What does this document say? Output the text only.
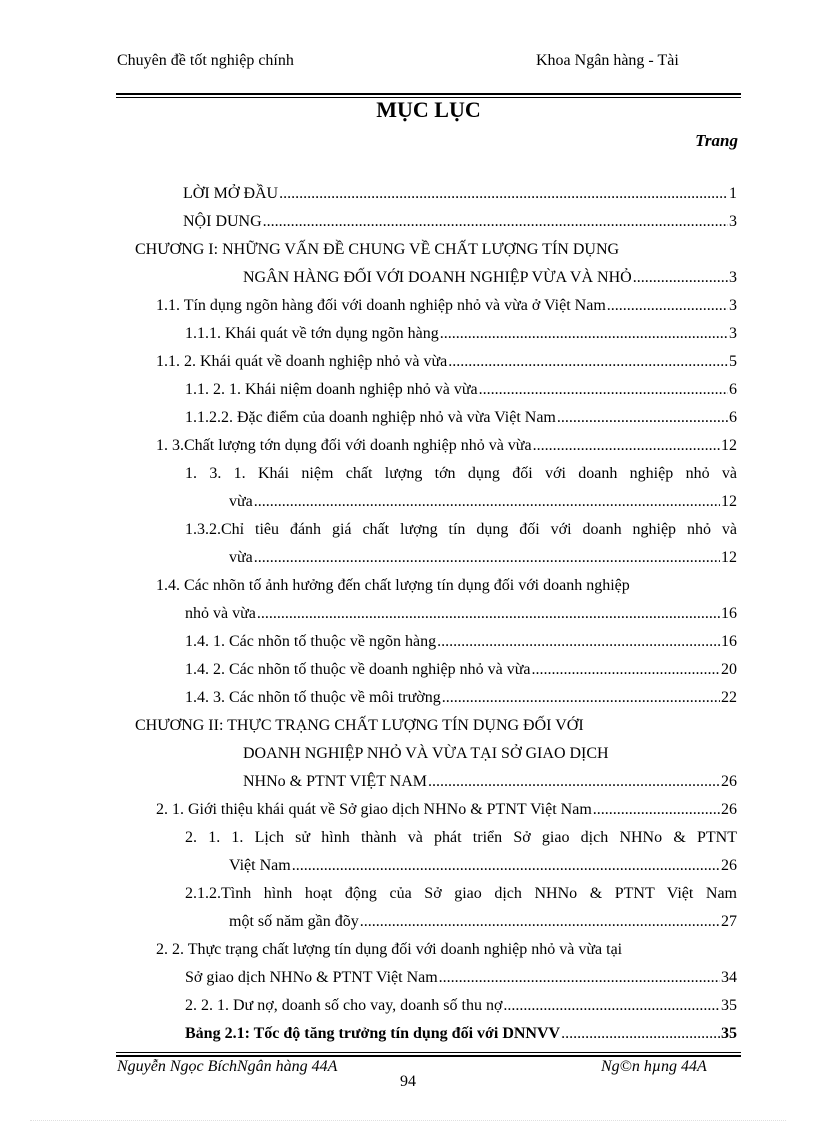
Chuyên đề tốt nghiệp chính	Khoa Ngân hàng - Tài
MỤC LỤC
Trang
LỜI MỞ ĐẦU .....	1
NỘI DUNG .....	3
CHƯƠNG I: NHỮNG VẤN ĐỀ CHUNG VỀ CHẤT LƯỢNG TÍN DỤNG
NGÂN HÀNG ĐỐI VỚI DOANH NGHIỆP VỪA VÀ NHỎ .....	3
1.1. Tín dụng ngõn hàng đối với doanh nghiệp nhỏ và vừa ở Việt Nam .....	3
1.1.1. Khái quát về tớn dụng ngõn hàng .....	3
1.1. 2. Khái quát về doanh nghiệp nhỏ và vừa .....	5
1.1. 2. 1. Khái niệm doanh nghiệp nhỏ và vừa .....	6
1.1.2.2. Đặc điểm của doanh nghiệp nhỏ và vừa Việt Nam .....	6
1. 3.Chất lượng tớn dụng đối với doanh nghiệp nhỏ và vừa .....	12
1. 3. 1. Khái niệm chất lượng tớn dụng đối với doanh nghiệp nhỏ và
vừa .....	12
1.3.2.Chỉ tiêu đánh giá chất lượng tín dụng đối với doanh nghiệp nhỏ và
vừa .....	12
1.4. Các nhõn tố ảnh hưởng đến chất lượng tín dụng đối với doanh nghiệp
nhỏ và vừa .....	16
1.4. 1. Các nhõn tố thuộc về ngõn hàng .....	16
1.4. 2. Các nhõn tố thuộc về doanh nghiệp nhỏ và vừa .....	20
1.4. 3. Các nhõn tố thuộc về môi trường .....	22
CHƯƠNG II: THỰC TRẠNG CHẤT LƯỢNG TÍN DỤNG ĐỐI VỚI
DOANH NGHIỆP NHỎ VÀ VỪA TẠI SỞ GIAO DỊCH
NHNo & PTNT VIỆT NAM .....	26
2. 1. Giới thiệu khái quát về Sở giao dịch NHNo & PTNT Việt Nam .....	26
2. 1. 1. Lịch sử hình thành và phát triển Sở giao dịch NHNo & PTNT
Việt Nam .....	26
2.1.2.Tình hình hoạt động của Sở giao dịch NHNo & PTNT Việt Nam
một số năm gần đõy .....	27
2. 2. Thực trạng chất lượng tín dụng đối với doanh nghiệp nhỏ và vừa tại
Sở giao dịch NHNo & PTNT Việt Nam .....	34
2. 2. 1. Dư nợ, doanh số cho vay, doanh số thu nợ .....	35
Bảng 2.1: Tốc độ tăng trưởng tín dụng đối với DNNVV .....	35
Nguyễn Ngọc BíchNgân hàng 44A	Ng©n hµng 44A
94
